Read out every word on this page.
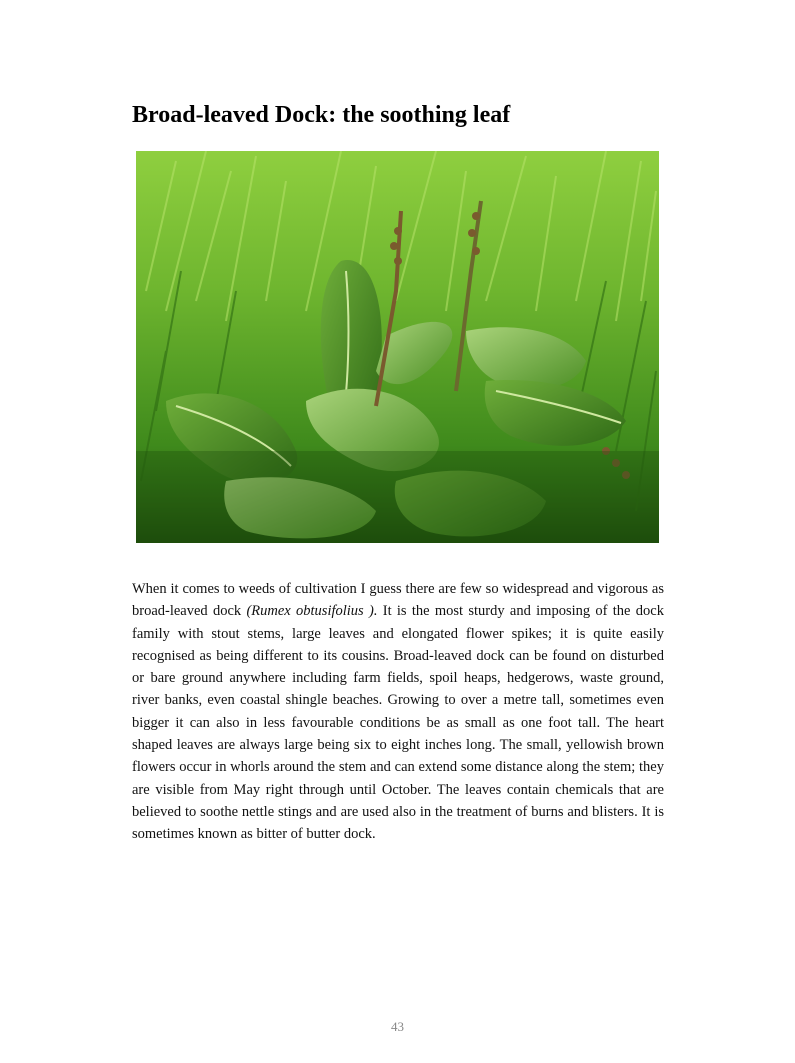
Broad-leaved Dock: the soothing leaf

When it comes to weeds of cultivation I guess there are few so widespread and vigorous as broad-leaved dock (Rumex obtusifolius ). It is the most sturdy and imposing of the dock family with stout stems, large leaves and elongated flower spikes; it is quite easily recognised as being different to its cousins. Broad-leaved dock can be found on disturbed or bare ground anywhere including farm fields, spoil heaps, hedgerows, waste ground, river banks, even coastal shingle beaches. Growing to over a metre tall, sometimes even bigger it can also in less favourable conditions be as small as one foot tall. The heart shaped leaves are always large being six to eight inches long. The small, yellowish brown flowers occur in whorls around the stem and can extend some distance along the stem; they are visible from May right through until October. The leaves contain chemicals that are believed to soothe nettle stings and are used also in the treatment of burns and blisters. It is sometimes known as bitter of butter dock.

43
